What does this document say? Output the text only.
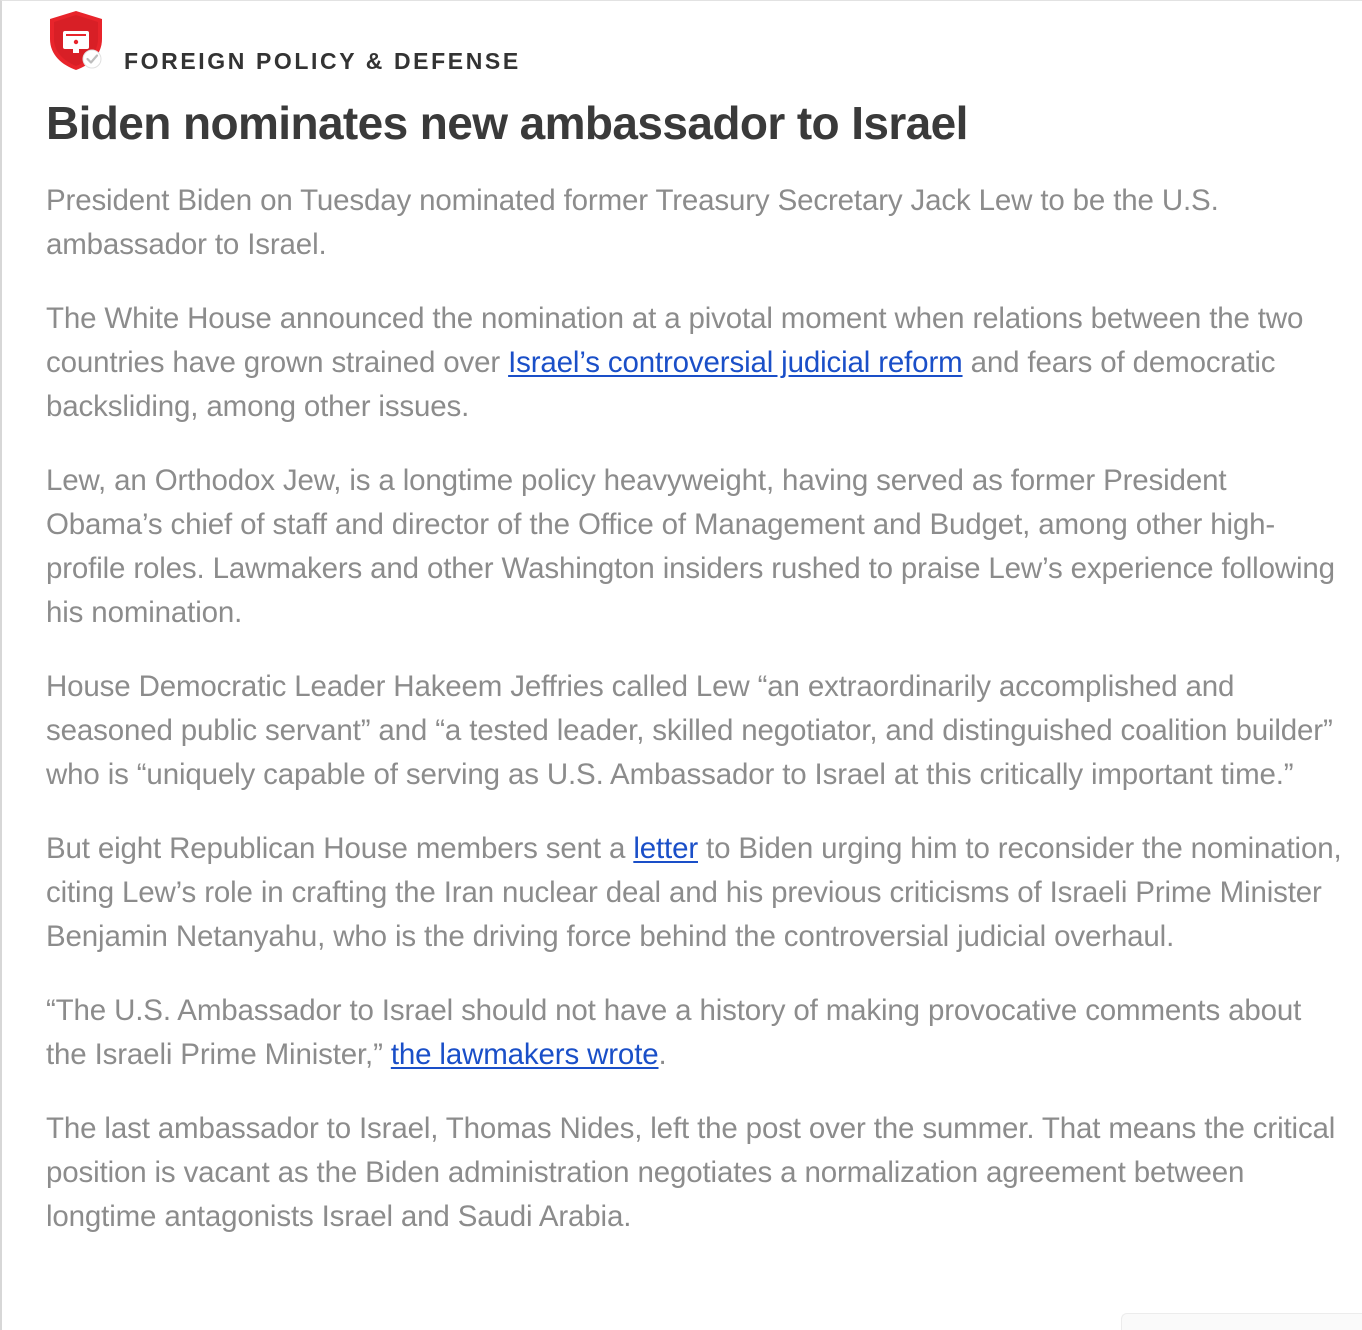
FOREIGN POLICY & DEFENSE
Biden nominates new ambassador to Israel

President Biden on Tuesday nominated former Treasury Secretary Jack Lew to be the U.S. ambassador to Israel.

The White House announced the nomination at a pivotal moment when relations between the two countries have grown strained over Israel’s controversial judicial reform and fears of democratic backsliding, among other issues.

Lew, an Orthodox Jew, is a longtime policy heavyweight, having served as former President Obama’s chief of staff and director of the Office of Management and Budget, among other high-profile roles. Lawmakers and other Washington insiders rushed to praise Lew’s experience following his nomination.

House Democratic Leader Hakeem Jeffries called Lew “an extraordinarily accomplished and seasoned public servant” and “a tested leader, skilled negotiator, and distinguished coalition builder” who is “uniquely capable of serving as U.S. Ambassador to Israel at this critically important time.”

But eight Republican House members sent a letter to Biden urging him to reconsider the nomination, citing Lew’s role in crafting the Iran nuclear deal and his previous criticisms of Israeli Prime Minister Benjamin Netanyahu, who is the driving force behind the controversial judicial overhaul.

“The U.S. Ambassador to Israel should not have a history of making provocative comments about the Israeli Prime Minister,” the lawmakers wrote.

The last ambassador to Israel, Thomas Nides, left the post over the summer. That means the critical position is vacant as the Biden administration negotiates a normalization agreement between longtime antagonists Israel and Saudi Arabia.
